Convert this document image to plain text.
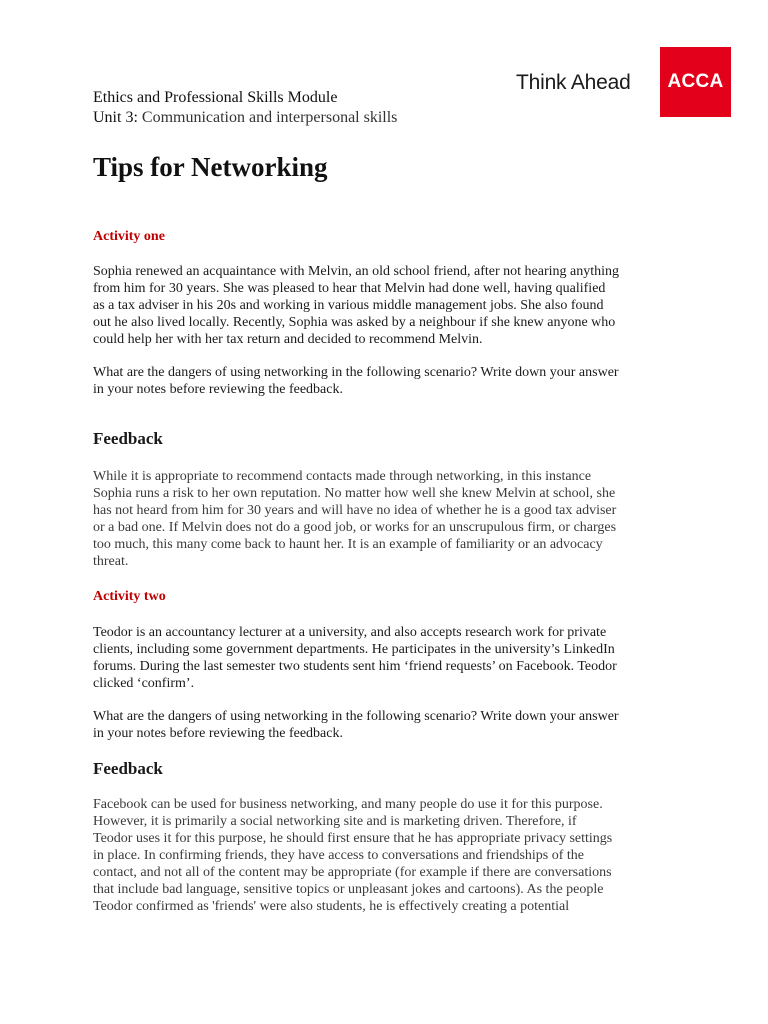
Ethics and Professional Skills Module
Unit 3: Communication and interpersonal skills
Think Ahead	ACCA
Tips for Networking
Activity one
Sophia renewed an acquaintance with Melvin, an old school friend, after not hearing anything
from him for 30 years. She was pleased to hear that Melvin had done well, having qualified
as a tax adviser in his 20s and working in various middle management jobs. She also found
out he also lived locally. Recently, Sophia was asked by a neighbour if she knew anyone who
could help her with her tax return and decided to recommend Melvin.
What are the dangers of using networking in the following scenario? Write down your answer
in your notes before reviewing the feedback.
Feedback
While it is appropriate to recommend contacts made through networking, in this instance
Sophia runs a risk to her own reputation. No matter how well she knew Melvin at school, she
has not heard from him for 30 years and will have no idea of whether he is a good tax adviser
or a bad one. If Melvin does not do a good job, or works for an unscrupulous firm, or charges
too much, this many come back to haunt her. It is an example of familiarity or an advocacy
threat.
Activity two
Teodor is an accountancy lecturer at a university, and also accepts research work for private
clients, including some government departments. He participates in the university’s LinkedIn
forums. During the last semester two students sent him ‘friend requests’ on Facebook. Teodor
clicked ‘confirm’.
What are the dangers of using networking in the following scenario? Write down your answer
in your notes before reviewing the feedback.
Feedback
Facebook can be used for business networking, and many people do use it for this purpose.
However, it is primarily a social networking site and is marketing driven. Therefore, if
Teodor uses it for this purpose, he should first ensure that he has appropriate privacy settings
in place. In confirming friends, they have access to conversations and friendships of the
contact, and not all of the content may be appropriate (for example if there are conversations
that include bad language, sensitive topics or unpleasant jokes and cartoons). As the people
Teodor confirmed as 'friends' were also students, he is effectively creating a potential
